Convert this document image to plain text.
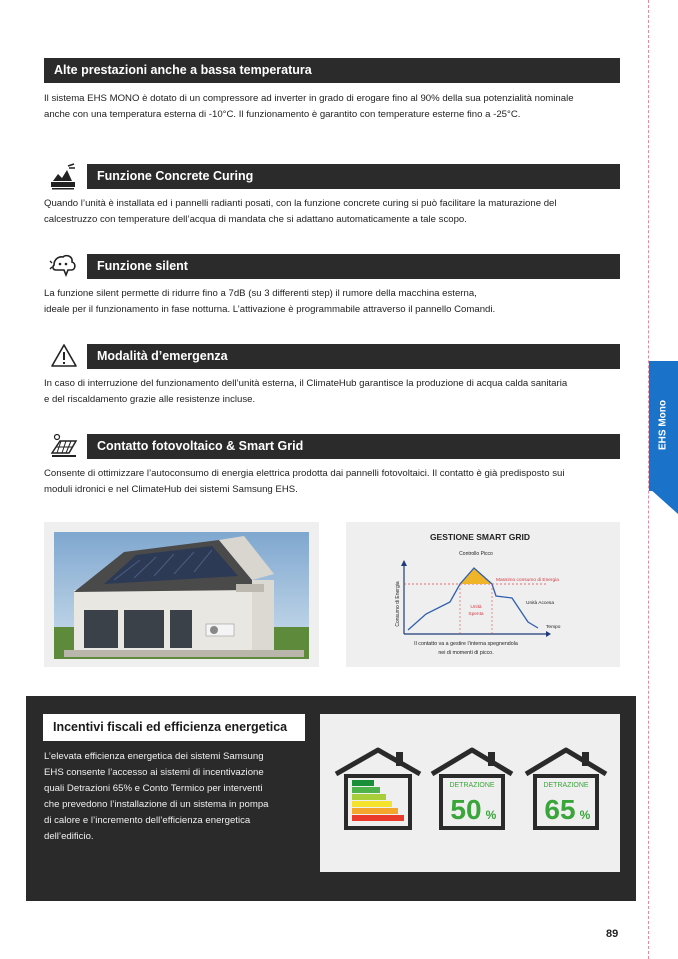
EHS Mono
Alte prestazioni anche a bassa temperatura
Il sistema EHS MONO è dotato di un compressore ad inverter in grado di erogare fino al 90% della sua potenzialità nominale
anche con una temperatura esterna di -10°C. Il funzionamento è garantito con temperature esterne fino a -25°C.
Funzione Concrete Curing
Quando l’unità è installata ed i pannelli radianti posati, con la funzione concrete curing si può facilitare la maturazione del
calcestruzzo con temperature dell’acqua di mandata che si adattano automaticamente a tale scopo.
Funzione silent
La funzione silent permette di ridurre fino a 7dB (su 3 differenti step) il rumore della macchina esterna,
ideale per il funzionamento in fase notturna. L’attivazione è programmabile attraverso il pannello Comandi.
Modalità d’emergenza
In caso di interruzione del funzionamento dell’unità esterna, il ClimateHub garantisce la produzione di acqua calda sanitaria
e del riscaldamento grazie alle resistenze incluse.
Contatto fotovoltaico & Smart Grid
Consente di ottimizzare l’autoconsumo di energia elettrica prodotta dai pannelli fotovoltaici. Il contatto è già predisposto sui
moduli idronici e nel ClimateHub dei sistemi Samsung EHS.
GESTIONE SMART GRID
Controllo Picco
Consumo di Energia
Massimo consumo di Energia
Unità Accesa
Unità
Spenta
Tempo
Il contatto va a gestire l’interna spegnendola
nei di momenti di picco.
Incentivi fiscali ed efficienza energetica
L’elevata efficienza energetica dei sistemi Samsung
EHS consente l’accesso ai sistemi di incentivazione
quali Detrazioni 65% e Conto Termico per interventi
che prevedono l’installazione di un sistema in pompa
di calore e l’incremento dell’efficienza energetica
dell’edificio.
DETRAZIONE
50 %
DETRAZIONE
65 %
89
